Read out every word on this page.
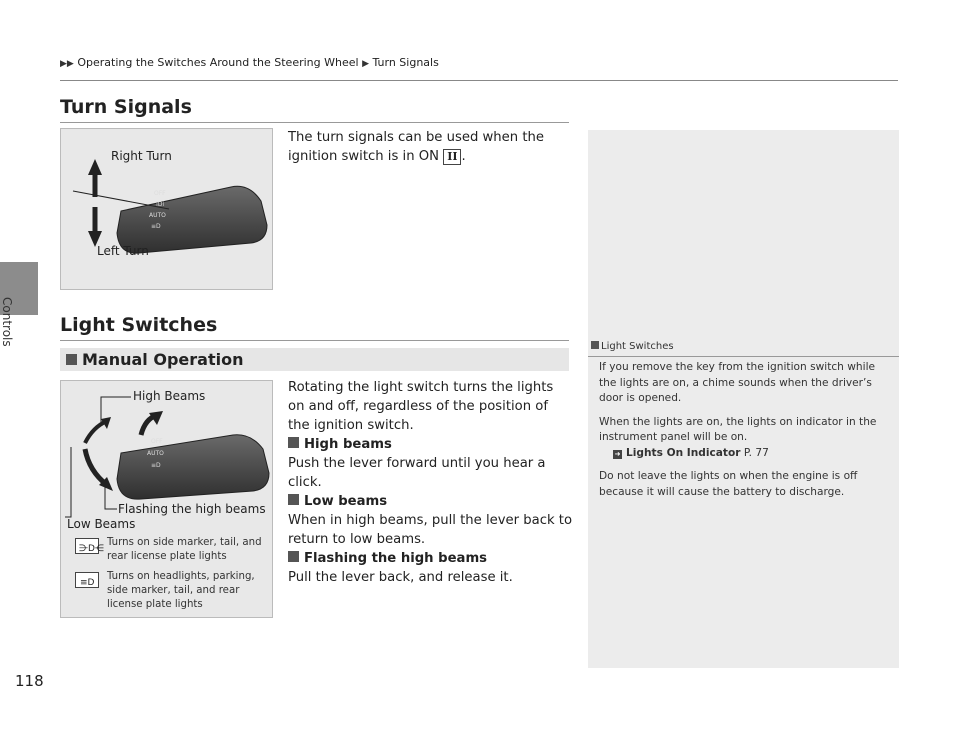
Controls
118
▶▶ Operating the Switches Around the Steering Wheel ▶ Turn Signals
Turn Signals
OFF
⁞D⁞
AUTO
≡D
Right Turn
Left Turn

The turn signals can be used when the ignition switch is in ON II .

Light Switches
Manual Operation
OFF
AUTO
≡D
High Beams
Flashing the high beams
Low Beams
⋺D⋲
Turns on side marker, tail, and rear license plate lights
≡D
Turns on headlights, parking, side marker, tail, and rear license plate lights

Rotating the light switch turns the lights on and off, regardless of the position of the ignition switch.

High beams

Push the lever forward until you hear a click.

Low beams

When in high beams, pull the lever back to return to low beams.

Flashing the high beams

Pull the lever back, and release it.

Light Switches

If you remove the key from the ignition switch while the lights are on, a chime sounds when the driver’s door is opened.

When the lights are on, the lights on indicator in the instrument panel will be on.

➜ Lights On Indicator P. 77

Do not leave the lights on when the engine is off because it will cause the battery to discharge.
